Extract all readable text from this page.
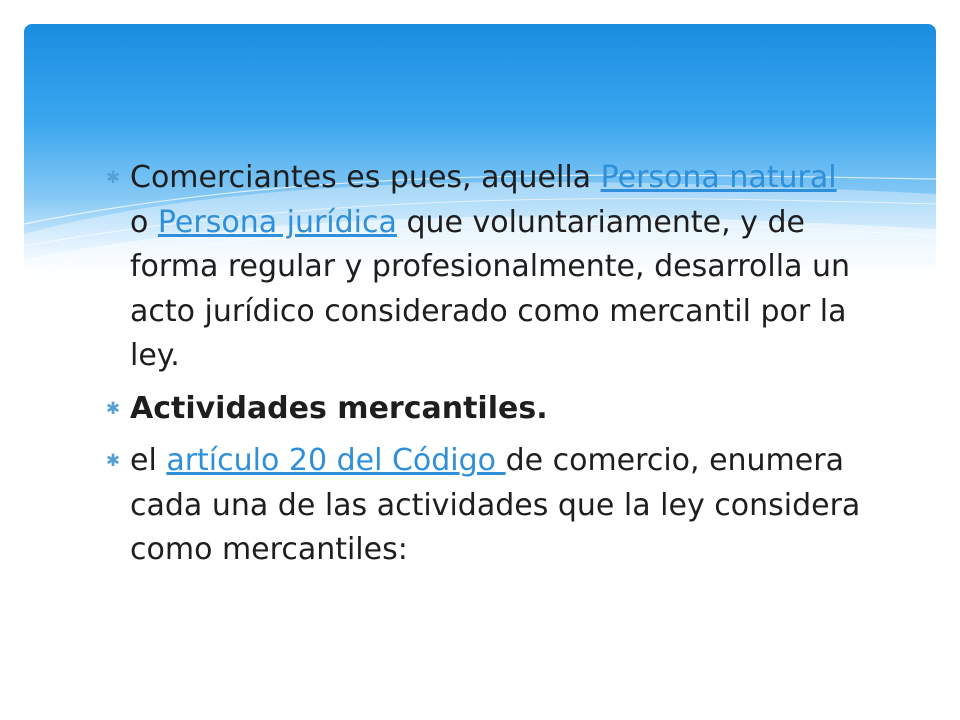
✱ Comerciantes es pues, aquella Persona natural o Persona jurídica que voluntariamente, y de forma regular y profesionalmente, desarrolla un acto jurídico considerado como mercantil por la ley.
✱ Actividades mercantiles.
✱ el artículo 20 del Código de comercio, enumera cada una de las actividades que la ley considera como mercantiles:
